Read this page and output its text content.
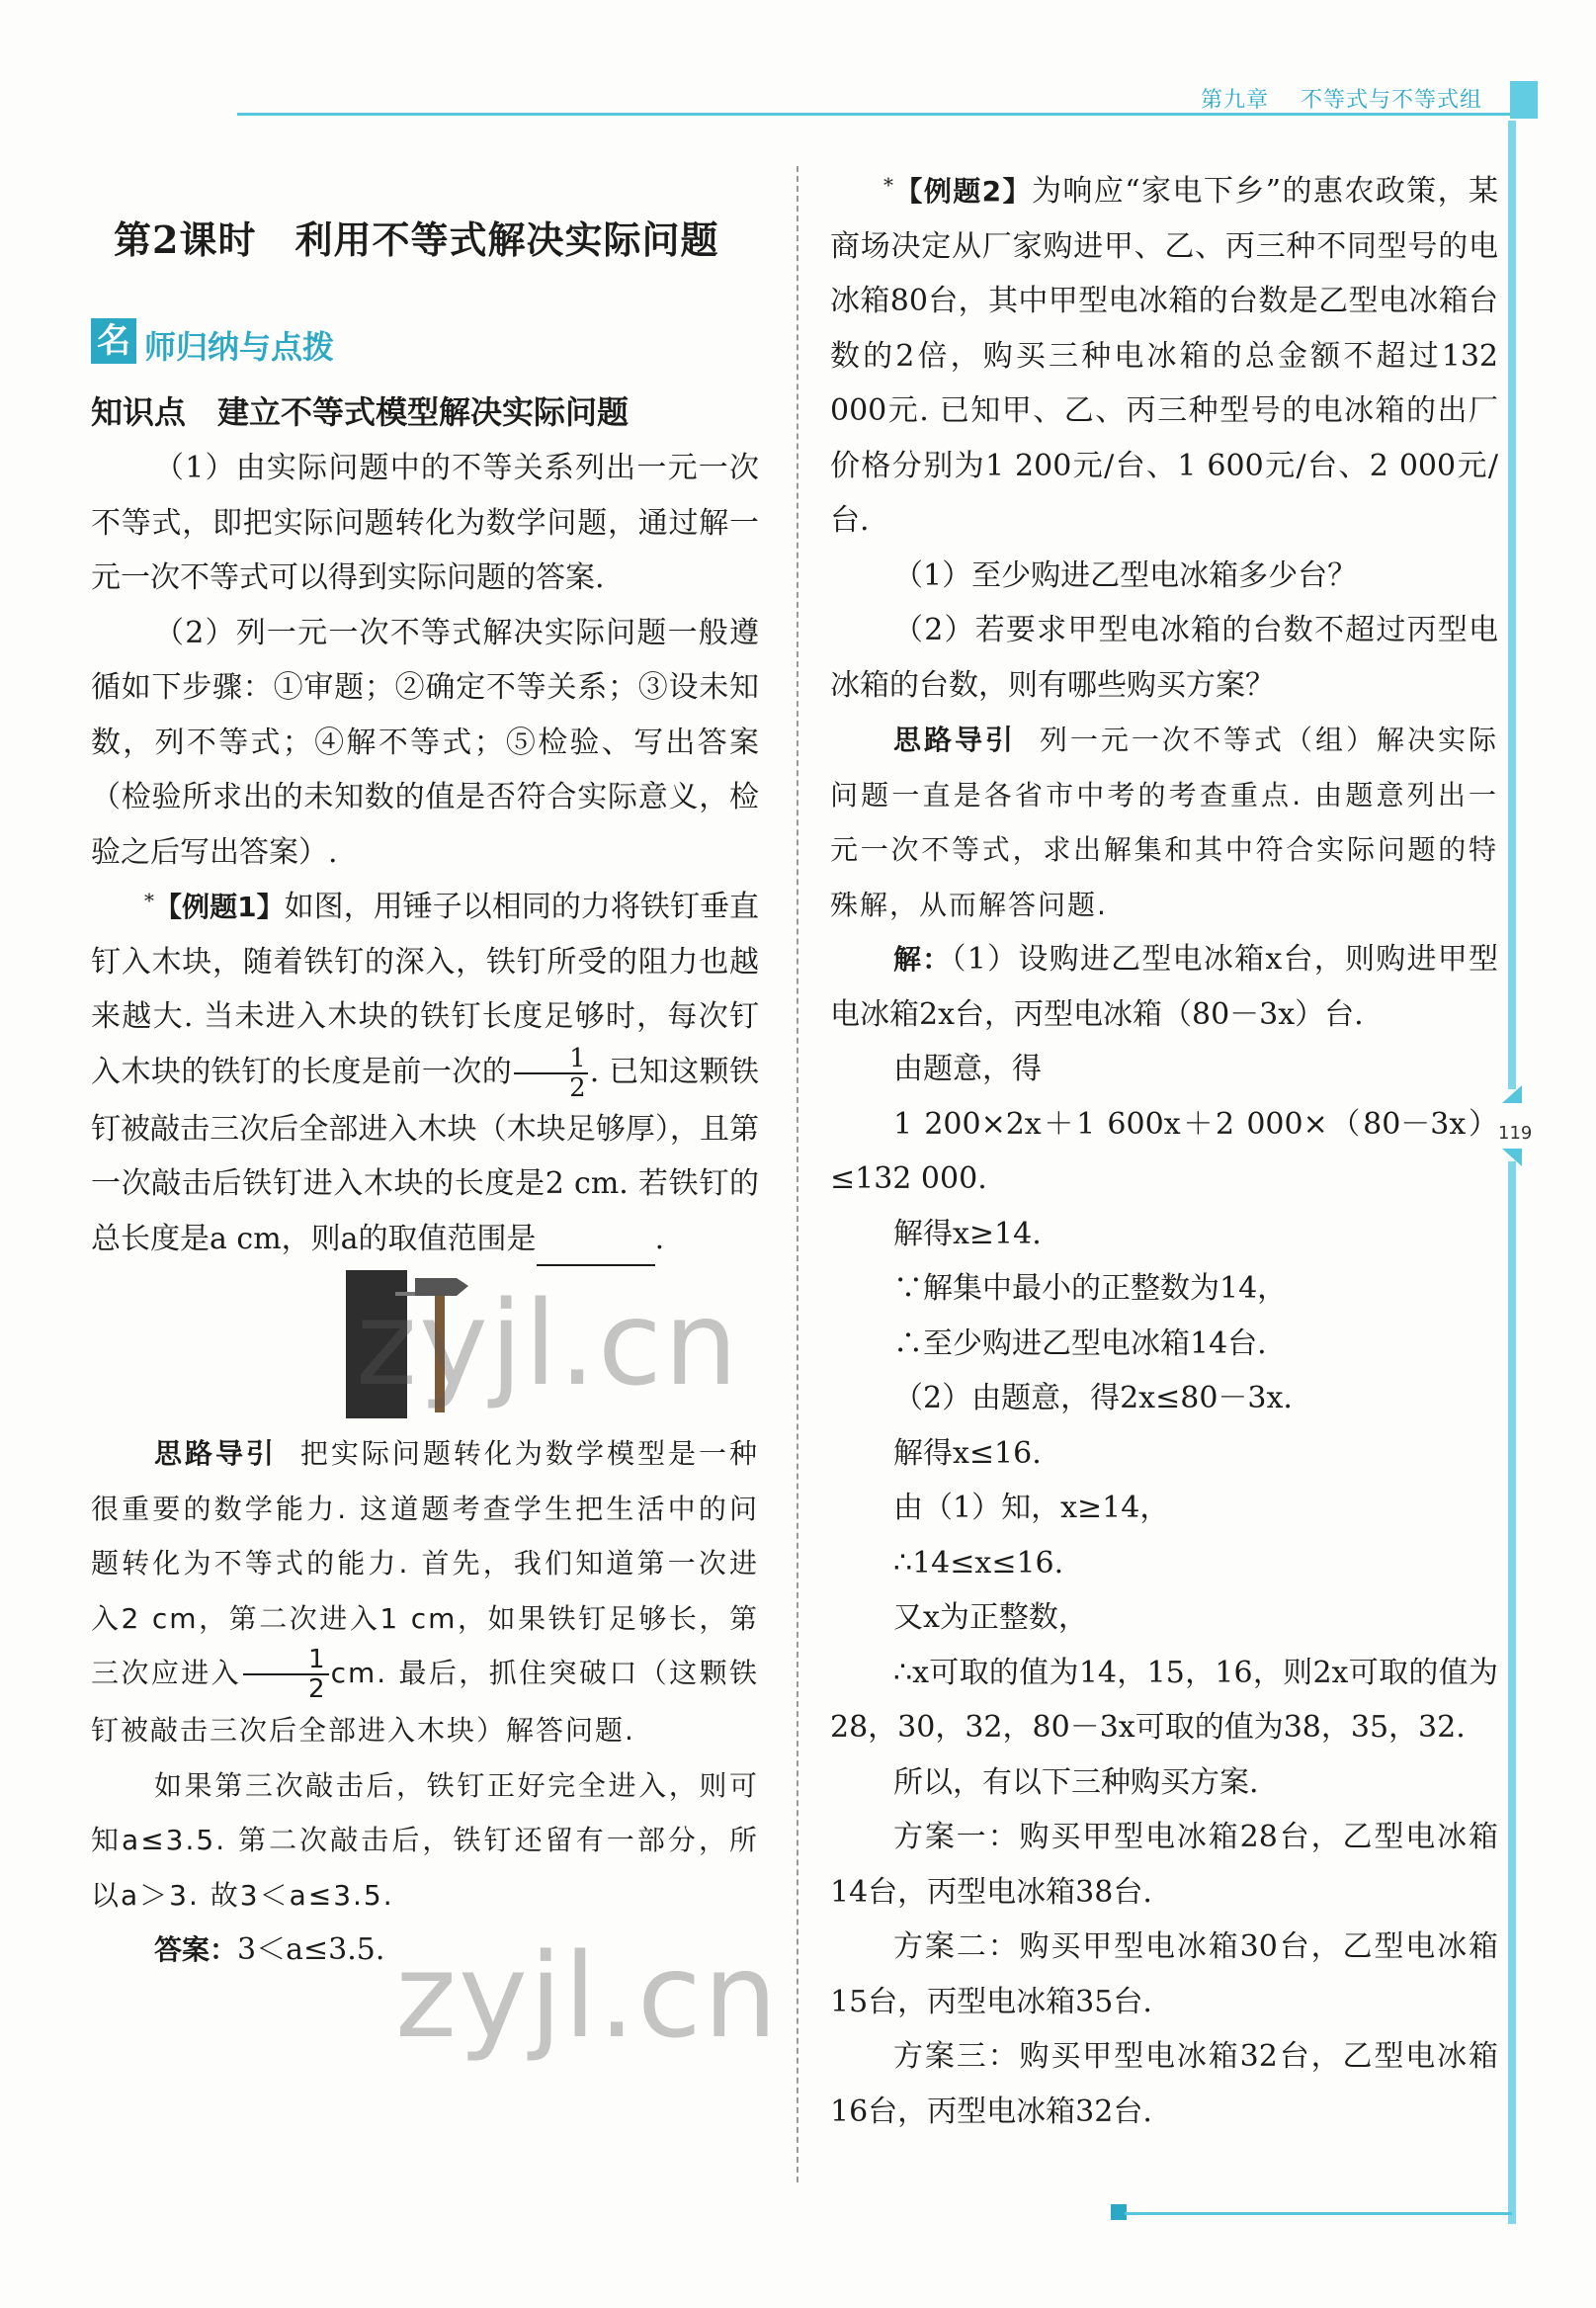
第九章 不等式与不等式组
119
第2课时　利用不等式解决实际问题
名 师归纳与点拨
知识点　建立不等式模型解决实际问题

（1）由实际问题中的不等关系列出一元一次不等式，即把实际问题转化为数学问题，通过解一元一次不等式可以得到实际问题的答案.

（2）列一元一次不等式解决实际问题一般遵循如下步骤：①审题；②确定不等关系；③设未知数，列不等式；④解不等式；⑤检验、写出答案（检验所求出的未知数的值是否符合实际意义，检验之后写出答案）.

*【例题1】如图，用锤子以相同的力将铁钉垂直钉入木块，随着铁钉的深入，铁钉所受的阻力也越来越大. 当未进入木块的铁钉长度足够时，每次钉入木块的铁钉的长度是前一次的 $\frac{1}{2}$ . 已知这颗铁钉被敲击三次后全部进入木块（木块足够厚），且第一次敲击后铁钉进入木块的长度是2 cm. 若铁钉的总长度是a cm，则a的取值范围是	.

思路导引 把实际问题转化为数学模型是一种很重要的数学能力. 这道题考查学生把生活中的问题转化为不等式的能力. 首先，我们知道第一次进入2 cm，第二次进入1 cm，如果铁钉足够长，第三次应进入 $\frac{1}{2}$ cm. 最后，抓住突破口（这颗铁钉被敲击三次后全部进入木块）解答问题.

如果第三次敲击后，铁钉正好完全进入，则可知a≤3.5. 第二次敲击后，铁钉还留有一部分，所以a＞3. 故3＜a≤3.5.

答案：3＜a≤3.5.

*【例题2】为响应“家电下乡”的惠农政策，某商场决定从厂家购进甲、乙、丙三种不同型号的电冰箱80台，其中甲型电冰箱的台数是乙型电冰箱台数的2倍，购买三种电冰箱的总金额不超过132 000元. 已知甲、乙、丙三种型号的电冰箱的出厂价格分别为1 200元/台、1 600元/台、2 000元/台.

（1）至少购进乙型电冰箱多少台？

（2）若要求甲型电冰箱的台数不超过丙型电冰箱的台数，则有哪些购买方案？

思路导引 列一元一次不等式（组）解决实际问题一直是各省市中考的考查重点. 由题意列出一元一次不等式，求出解集和其中符合实际问题的特殊解，从而解答问题.

解：（1）设购进乙型电冰箱x台，则购进甲型电冰箱2x台，丙型电冰箱（80－3x）台.

由题意，得

1 200×2x＋1 600x＋2 000×（80－3x）≤132 000.

解得x≥14.

∵解集中最小的正整数为14，

∴至少购进乙型电冰箱14台.

（2）由题意，得2x≤80－3x.

解得x≤16.

由（1）知，x≥14，

∴14≤x≤16.

又x为正整数，

∴x可取的值为14，15，16，则2x可取的值为28，30，32，80－3x可取的值为38，35，32.

所以，有以下三种购买方案.

方案一：购买甲型电冰箱28台，乙型电冰箱14台，丙型电冰箱38台.

方案二：购买甲型电冰箱30台，乙型电冰箱15台，丙型电冰箱35台.

方案三：购买甲型电冰箱32台，乙型电冰箱16台，丙型电冰箱32台.

zyjl.cn
zyjl.cn
